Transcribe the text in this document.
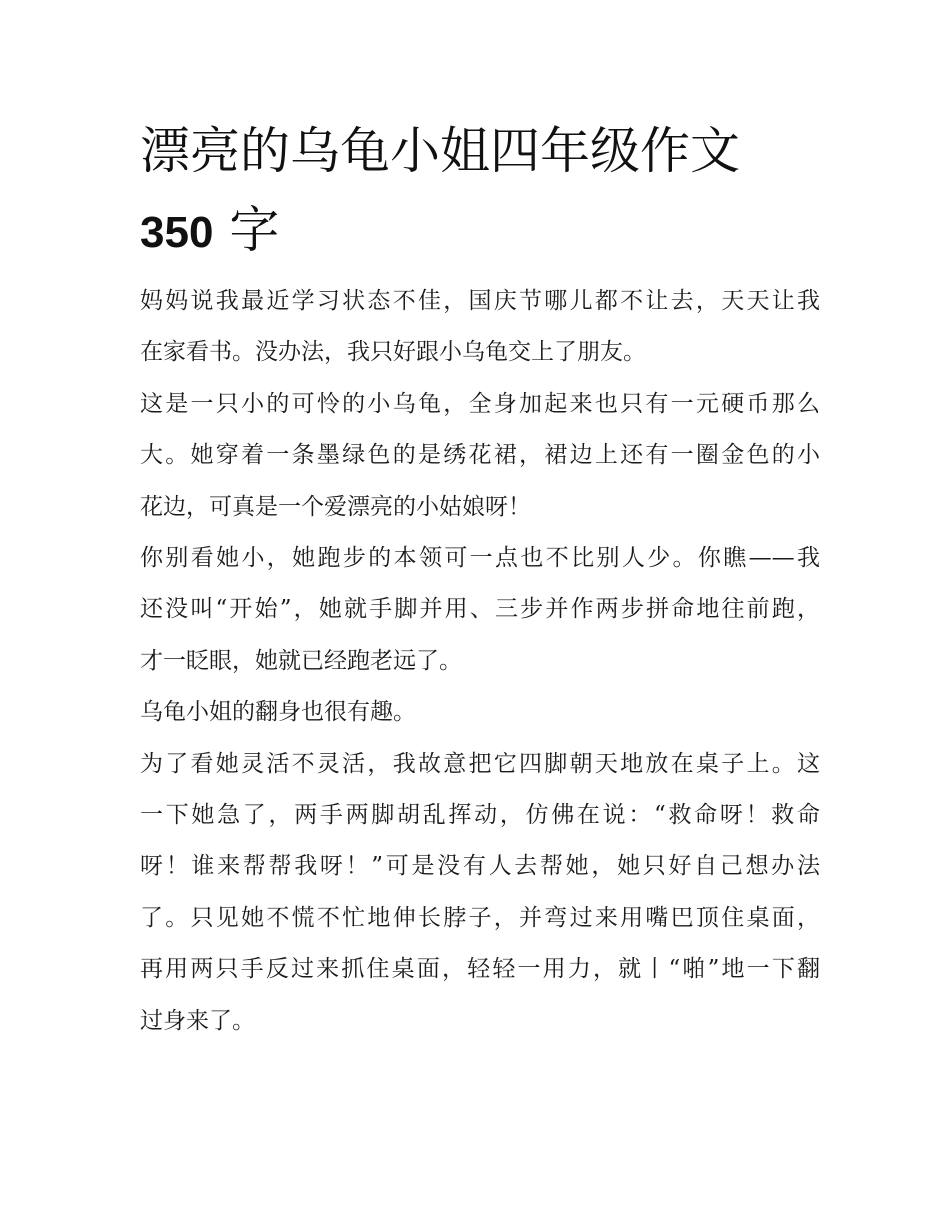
漂亮的乌龟小姐四年级作文
350 字
妈妈说我最近学习状态不佳，国庆节哪儿都不让去，天天让我
在家看书。没办法，我只好跟小乌龟交上了朋友。
这是一只小的可怜的小乌龟，全身加起来也只有一元硬币那么
大。她穿着一条墨绿色的是绣花裙，裙边上还有一圈金色的小
花边，可真是一个爱漂亮的小姑娘呀！
你别看她小，她跑步的本领可一点也不比别人少。你瞧——我
还没叫“开始”，她就手脚并用、三步并作两步拼命地往前跑，
才一眨眼，她就已经跑老远了。
乌龟小姐的翻身也很有趣。
为了看她灵活不灵活，我故意把它四脚朝天地放在桌子上。这
一下她急了，两手两脚胡乱挥动，仿佛在说：“救命呀！救命
呀！谁来帮帮我呀！”可是没有人去帮她，她只好自己想办法
了。只见她不慌不忙地伸长脖子，并弯过来用嘴巴顶住桌面，
再用两只手反过来抓住桌面，轻轻一用力，就丨“啪”地一下翻
过身来了。
